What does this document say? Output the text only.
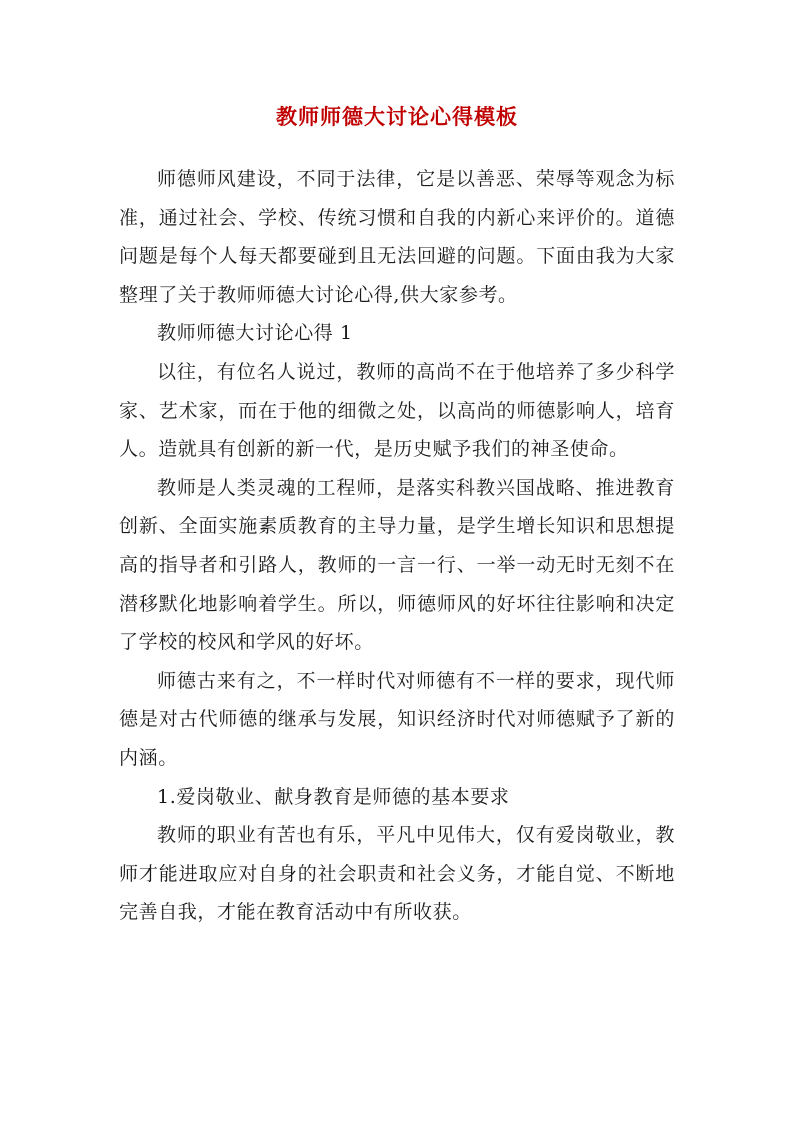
教师师德大讨论心得模板

师德师风建设，不同于法律，它是以善恶、荣辱等观念为标准，通过社会、学校、传统习惯和自我的内新心来评价的。道德问题是每个人每天都要碰到且无法回避的问题。下面由我为大家整理了关于教师师德大讨论心得,供大家参考。

教师师德大讨论心得 1

以往，有位名人说过，教师的高尚不在于他培养了多少科学家、艺术家，而在于他的细微之处，以高尚的师德影响人，培育人。造就具有创新的新一代，是历史赋予我们的神圣使命。

教师是人类灵魂的工程师，是落实科教兴国战略、推进教育创新、全面实施素质教育的主导力量，是学生增长知识和思想提高的指导者和引路人，教师的一言一行、一举一动无时无刻不在潜移默化地影响着学生。所以，师德师风的好坏往往影响和决定了学校的校风和学风的好坏。

师德古来有之，不一样时代对师德有不一样的要求，现代师德是对古代师德的继承与发展，知识经济时代对师德赋予了新的内涵。

1.爱岗敬业、献身教育是师德的基本要求

教师的职业有苦也有乐，平凡中见伟大，仅有爱岗敬业，教师才能进取应对自身的社会职责和社会义务，才能自觉、不断地完善自我，才能在教育活动中有所收获。
